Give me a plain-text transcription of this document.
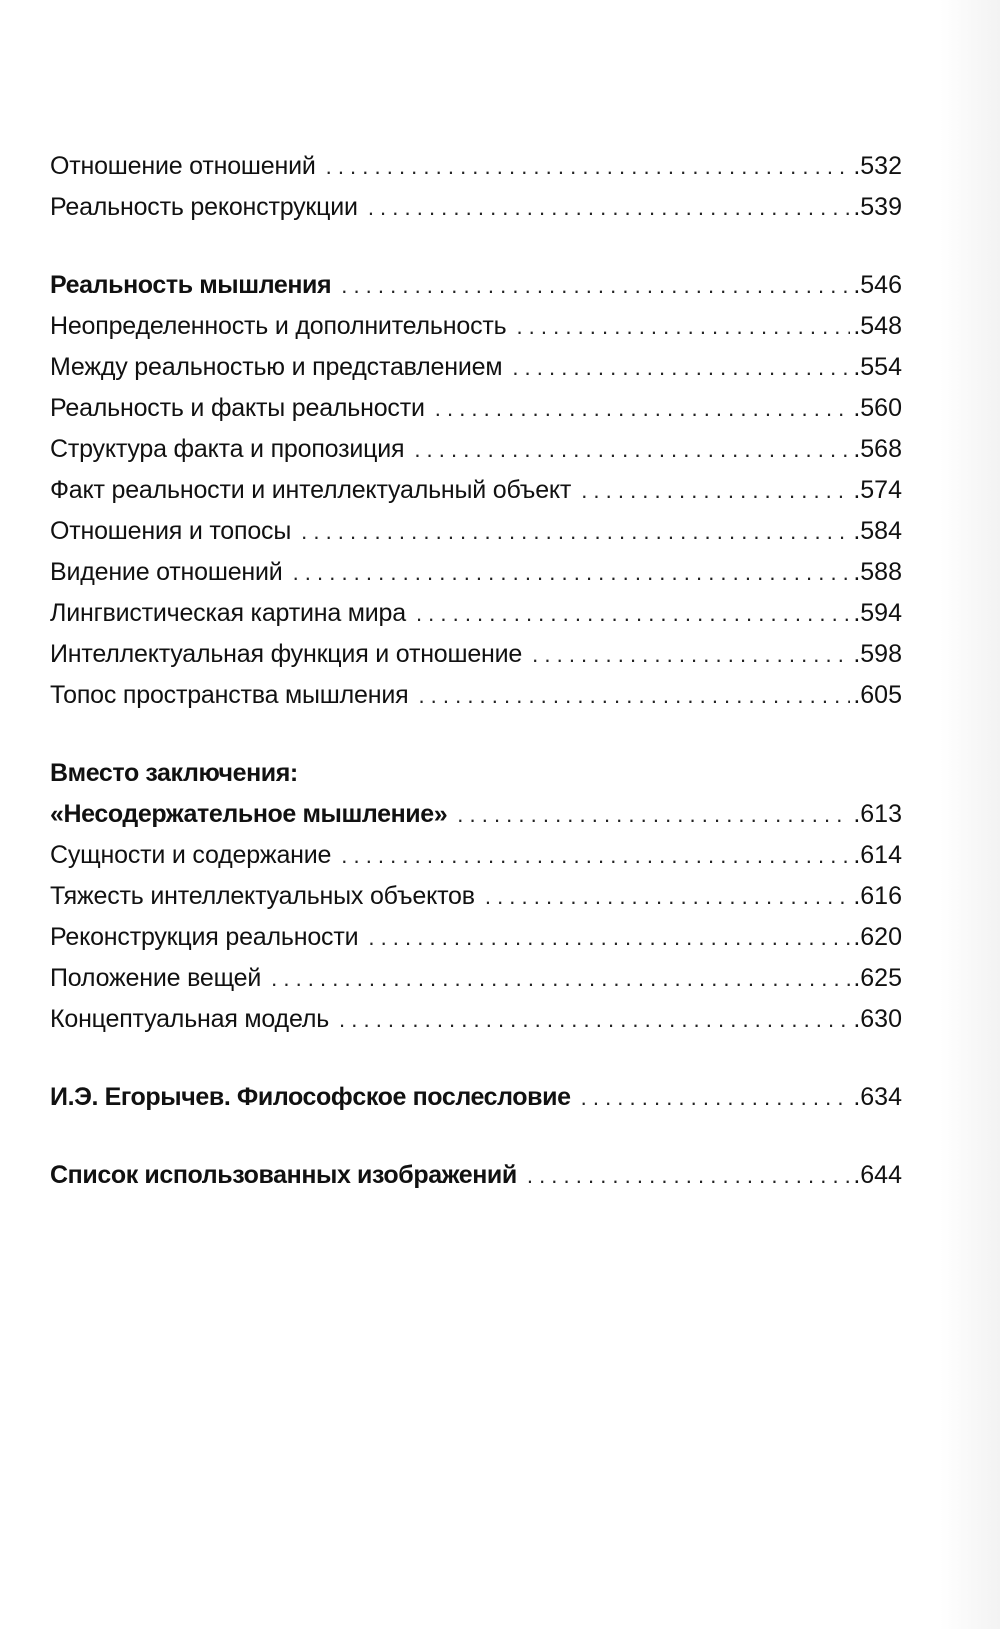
Отношение отношений . . .	.532
Реальность реконструкции . . .	.539
Реальность мышления . . .	.546
Неопределенность и дополнительность . . .	.548
Между реальностью и представлением . . .	.554
Реальность и факты реальности . . .	.560
Структура факта и пропозиция . . .	.568
Факт реальности и интеллектуальный объект . . .	.574
Отношения и топосы . . .	.584
Видение отношений . . .	.588
Лингвистическая картина мира . . .	.594
Интеллектуальная функция и отношение . . .	.598
Топос пространства мышления . . .	.605
Вместо заключения:
«Несодержательное мышление» . . .	.613
Сущности и содержание . . .	.614
Тяжесть интеллектуальных объектов . . .	.616
Реконструкция реальности . . .	.620
Положение вещей . . .	.625
Концептуальная модель . . .	.630
И.Э. Егорычев. Философское послесловие . . .	.634
Список использованных изображений . . .	.644
